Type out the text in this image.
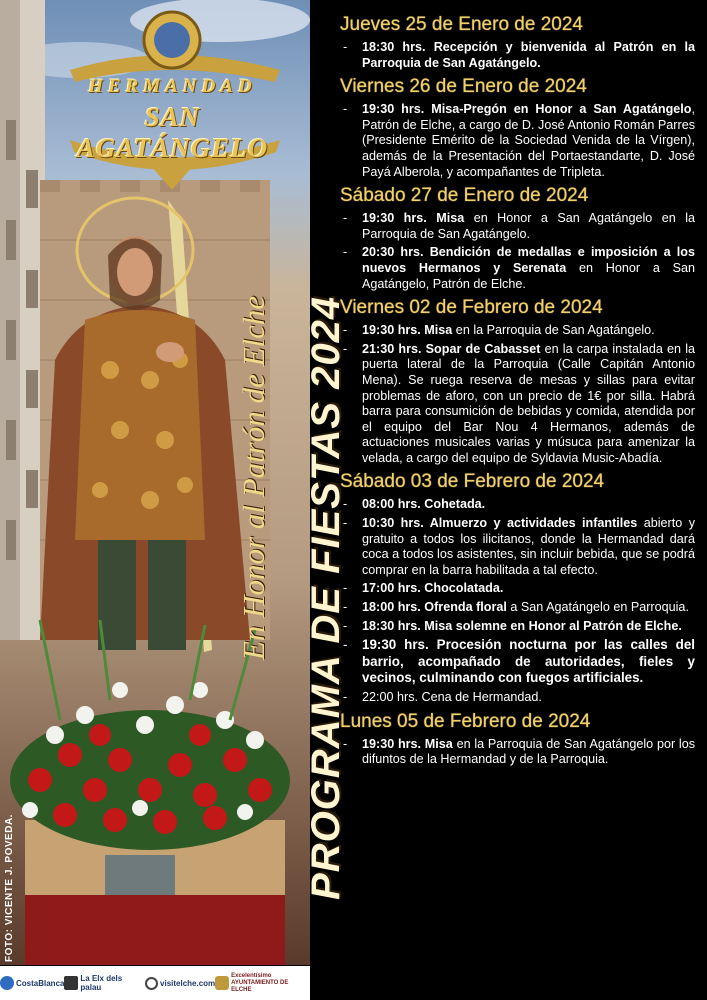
HERMANDAD
SAN AGATÁNGELO
En Honor al Patrón de Elche PROGRAMA DE FIESTAS 2024
FOTO: VICENTE J. POVEDA.
Jueves 25 de Enero de 2024
- 18:30 hrs. Recepción y bienvenida al Patrón en la Parroquia de San Agatángelo.
Viernes 26 de Enero de 2024
- 19:30 hrs. Misa-Pregón en Honor a San Agatángelo, Patrón de Elche, a cargo de D. José Antonio Román Parres (Presidente Emérito de la Sociedad Venida de la Vírgen), además de la Presentación del Portaestandarte, D. José Payá Alberola, y acompañantes de Tripleta.
Sábado 27 de Enero de 2024
- 19:30 hrs. Misa en Honor a San Agatángelo en la Parroquia de San Agatángelo.
- 20:30 hrs. Bendición de medallas e imposición a los nuevos Hermanos y Serenata en Honor a San Agatángelo, Patrón de Elche.
Viernes 02 de Febrero de 2024
- 19:30 hrs. Misa en la Parroquia de San Agatángelo.
- 21:30 hrs. Sopar de Cabasset en la carpa instalada en la puerta lateral de la Parroquia (Calle Capitán Antonio Mena). Se ruega reserva de mesas y sillas para evitar problemas de aforo, con un precio de 1€ por silla. Habrá barra para consumición de bebidas y comida, atendida por el equipo del Bar Nou 4 Hermanos, además de actuaciones musicales varias y músuca para amenizar la velada, a cargo del equipo de Syldavia Music-Abadía.
Sábado 03 de Febrero de 2024
- 08:00 hrs. Cohetada.
- 10:30 hrs. Almuerzo y actividades infantiles abierto y gratuito a todos los ilicitanos, donde la Hermandad dará coca a todos los asistentes, sin incluir bebida, que se podrá comprar en la barra habilitada a tal efecto.
- 17:00 hrs. Chocolatada.
- 18:00 hrs. Ofrenda floral a San Agatángelo en Parroquia.
- 18:30 hrs. Misa solemne en Honor al Patrón de Elche.
- 19:30 hrs. Procesión nocturna por las calles del barrio, acompañado de autoridades, fieles y vecinos, culminando con fuegos artificiales.
- 22:00 hrs. Cena de Hermandad.
Lunes 05 de Febrero de 2024
- 19:30 hrs. Misa en la Parroquia de San Agatángelo por los difuntos de la Hermandad y de la Parroquia.
CostaBlanca La Elx dels palau	visitelche.com
Excelentísimo
AYUNTAMIENTO DE ELCHE
